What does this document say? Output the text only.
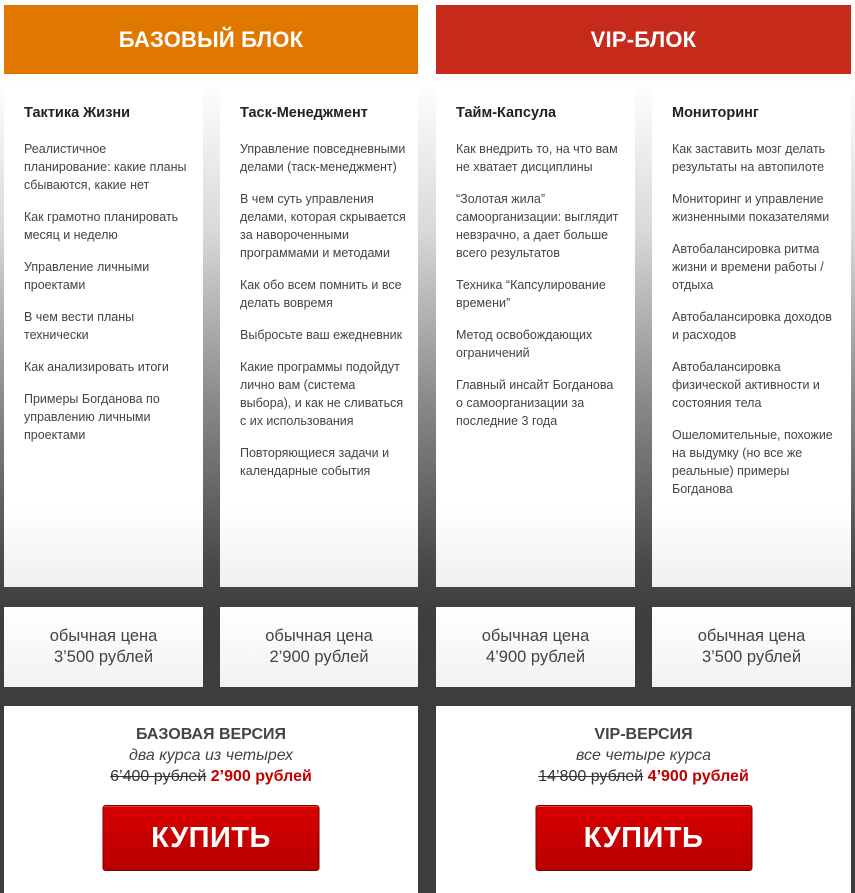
БАЗОВЫЙ БЛОК	VIP-БЛОК
Тактика Жизни
Реалистичное планирование: какие планы сбываются, какие нет
Как грамотно планировать месяц и неделю
Управление личными проектами
В чем вести планы технически
Как анализировать итоги
Примеры Богданова по управлению личными проектами
Таск-Менеджмент
Управление повседневными делами (таск-менеджмент)
В чем суть управления делами, которая скрывается за навороченными программами и методами
Как обо всем помнить и все делать вовремя
Выбросьте ваш ежедневник
Какие программы подойдут лично вам (система выбора), и как не сливаться с их использования
Повторяющиеся задачи и календарные события
Тайм-Капсула
Как внедрить то, на что вам не хватает дисциплины
“Золотая жила” самоорганизации: выглядит невзрачно, а дает больше всего результатов
Техника “Капсулирование времени”
Метод освобождающих ограничений
Главный инсайт Богданова о самоорганизации за последние 3 года
Мониторинг
Как заставить мозг делать результаты на автопилоте
Мониторинг и управление жизненными показателями
Автобалансировка ритма жизни и времени работы / отдыха
Автобалансировка доходов и расходов
Автобалансировка физической активности и состояния тела
Ошеломительные, похожие на выдумку (но все же реальные) примеры Богданова
обычная цена
3’500 рублей
обычная цена
2’900 рублей
обычная цена
4’900 рублей
обычная цена
3’500 рублей
БАЗОВАЯ ВЕРСИЯ
два курса из четырех
6’400 рублей 2’900 рублей
КУПИТЬ
VIP-ВЕРСИЯ
все четыре курса
14’800 рублей 4’900 рублей
КУПИТЬ
